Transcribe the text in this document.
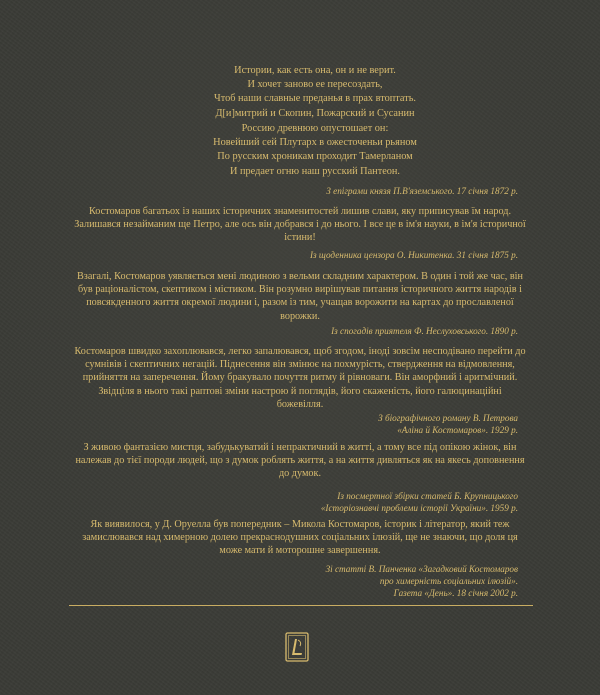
Истории, как есть она, он и не верит.
И хочет заново ее пересоздать,
Чтоб наши славные преданья в прах втоптать.
Д[и]митрий и Скопин, Пожарский и Сусанин
Россию древнюю опустошает он:
Новейший сей Плутарх в ожесточеньи рьяном
По русским хроникам проходит Тамерланом
И предает огню наш русский Пантеон.
З епіграми князя П.В'яземського. 17 січня 1872 р.
Костомаров багатьох із наших історичних знаменитостей лишив слави, яку приписував їм народ. Залишався незайманим ще Петро, але ось він добрався і до нього. І все це в ім'я науки, в ім'я історичної істини!
Із щоденника цензора О. Никитенка. 31 січня 1875 р.
Взагалі, Костомаров уявляється мені людиною з вельми складним характером. В один і той же час, він був раціоналістом, скептиком і містиком. Він розумно вирішував питання історичного життя народів і повсякденного життя окремої людини і, разом із тим, учащав ворожити на картах до прославленої ворожки.
Із спогадів приятеля Ф. Неслуховського. 1890 р.
Костомаров швидко захоплювався, легко запалювався, щоб згодом, іноді зовсім несподівано перейти до сумнівів і скептичних негацій. Піднесення він змінює на похмурість, ствердження на відмовлення, прийняття на заперечення. Йому бракувало почуття ритму й рівноваги. Він аморфний і аритмічний. Звідціля в нього такі раптові зміни настрою й поглядів, його скаженість, його галюцинаційні божевілля.
З біографічного роману В. Петрова
«Аліна й Костомаров». 1929 р.
З живою фантазією мистця, забудькуватий і непрактичний в житті, а тому все під опікою жінок, він належав до тієї породи людей, що з думок роблять життя, а на життя дивляться як на якесь доповнення до думок.
Із посмертної збірки статей Б. Крупницького
«Історіознавчі проблеми історії України». 1959 р.
Як виявилося, у Д. Оруелла був попередник – Микола Костомаров, історик і літератор, який теж замислювався над химерною долею прекраснодушних соціальних ілюзій, ще не знаючи, що доля ця може мати й моторошне завершення.
Зі статті В. Панченка «Загадковий Костомаров
про химерність соціальних ілюзій».
Газета «День». 18 січня 2002 р.
